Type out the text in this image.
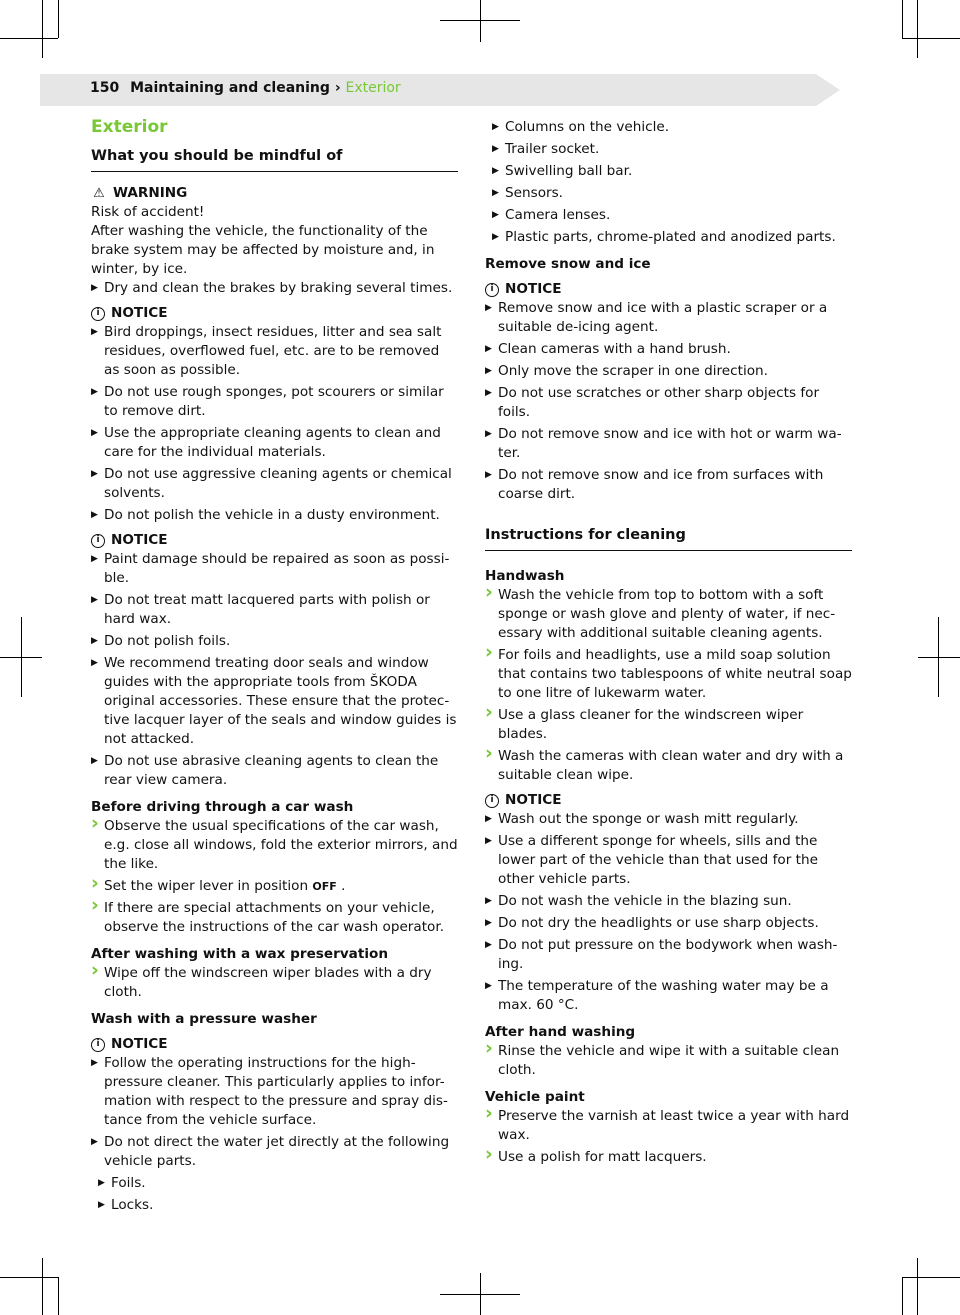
150 Maintaining and cleaning › Exterior
Exterior
What you should be mindful of
⚠ WARNING

Risk of accident!

After washing the vehicle, the functionality of the brake system may be affected by moisture and, in winter, by ice.

▶ Dry and clean the brakes by braking several times.
i NOTICE
▶ Bird droppings, insect residues, litter and sea salt residues, overflowed fuel, etc. are to be removed as soon as possible.
▶ Do not use rough sponges, pot scourers or similar to remove dirt.
▶ Use the appropriate cleaning agents to clean and care for the individual materials.
▶ Do not use aggressive cleaning agents or chemical solvents.
▶ Do not polish the vehicle in a dusty environment.
i NOTICE
▶ Paint damage should be repaired as soon as possi-ble.
▶ Do not treat matt lacquered parts with polish or hard wax.
▶ Do not polish foils.
▶ We recommend treating door seals and window guides with the appropriate tools from ŠKODA original accessories. These ensure that the protec-tive lacquer layer of the seals and window guides is not attacked.
▶ Do not use abrasive cleaning agents to clean the rear view camera.
Before driving through a car wash
› Observe the usual specifications of the car wash, e.g. close all windows, fold the exterior mirrors, and the like.
› Set the wiper lever in position OFF .
› If there are special attachments on your vehicle, observe the instructions of the car wash operator.
After washing with a wax preservation
› Wipe off the windscreen wiper blades with a dry cloth.
Wash with a pressure washer
i NOTICE
▶ Follow the operating instructions for the high-pressure cleaner. This particularly applies to infor-mation with respect to the pressure and spray dis-tance from the vehicle surface.
▶ Do not direct the water jet directly at the following vehicle parts.
▶ Foils.
▶ Locks.
▶ Columns on the vehicle.
▶ Trailer socket.
▶ Swivelling ball bar.
▶ Sensors.
▶ Camera lenses.
▶ Plastic parts, chrome-plated and anodized parts.
Remove snow and ice
i NOTICE
▶ Remove snow and ice with a plastic scraper or a suitable de-icing agent.
▶ Clean cameras with a hand brush.
▶ Only move the scraper in one direction.
▶ Do not use scratches or other sharp objects for foils.
▶ Do not remove snow and ice with hot or warm wa-ter.
▶ Do not remove snow and ice from surfaces with coarse dirt.
Instructions for cleaning
Handwash
› Wash the vehicle from top to bottom with a soft sponge or wash glove and plenty of water, if nec-essary with additional suitable cleaning agents.
› For foils and headlights, use a mild soap solution that contains two tablespoons of white neutral soap to one litre of lukewarm water.
› Use a glass cleaner for the windscreen wiper blades.
› Wash the cameras with clean water and dry with a suitable clean wipe.
i NOTICE
▶ Wash out the sponge or wash mitt regularly.
▶ Use a different sponge for wheels, sills and the lower part of the vehicle than that used for the other vehicle parts.
▶ Do not wash the vehicle in the blazing sun.
▶ Do not dry the headlights or use sharp objects.
▶ Do not put pressure on the bodywork when wash-ing.
▶ The temperature of the washing water may be a max. 60 °C.
After hand washing
› Rinse the vehicle and wipe it with a suitable clean cloth.
Vehicle paint
› Preserve the varnish at least twice a year with hard wax.
› Use a polish for matt lacquers.
